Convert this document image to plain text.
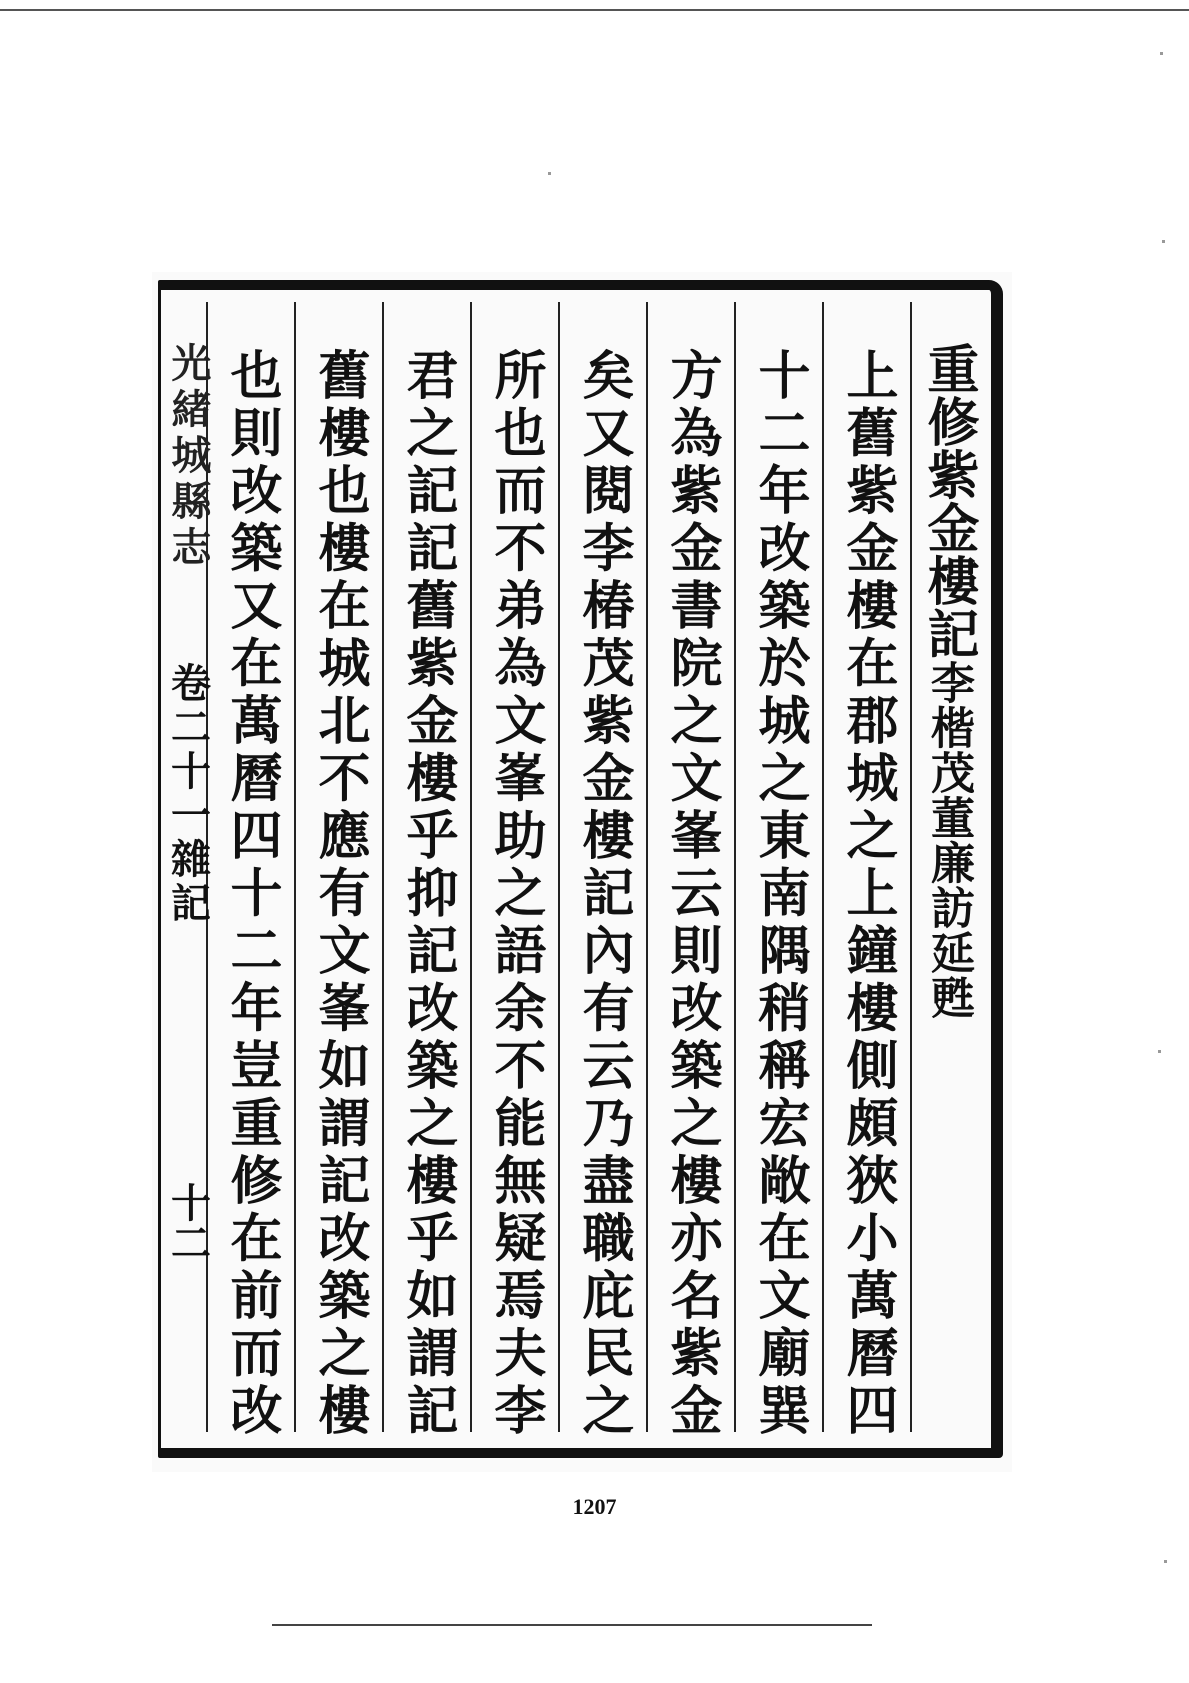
重修紫金樓記李楷茂董廉訪延甦
上舊紫金樓在郡城之上鐘樓側頗狹小萬曆四
十二年改築於城之東南隅稍稱宏敞在文廟巽
方為紫金書院之文峯云則改築之樓亦名紫金
矣又閱李椿茂紫金樓記內有云乃盡職庇民之
所也而不弟為文峯助之語余不能無疑焉夫李
君之記記舊紫金樓乎抑記改築之樓乎如謂記
舊樓也樓在城北不應有文峯如謂記改築之樓
也則改築又在萬曆四十二年豈重修在前而改
光緒城縣志
卷二十一雜記
十二
1207
